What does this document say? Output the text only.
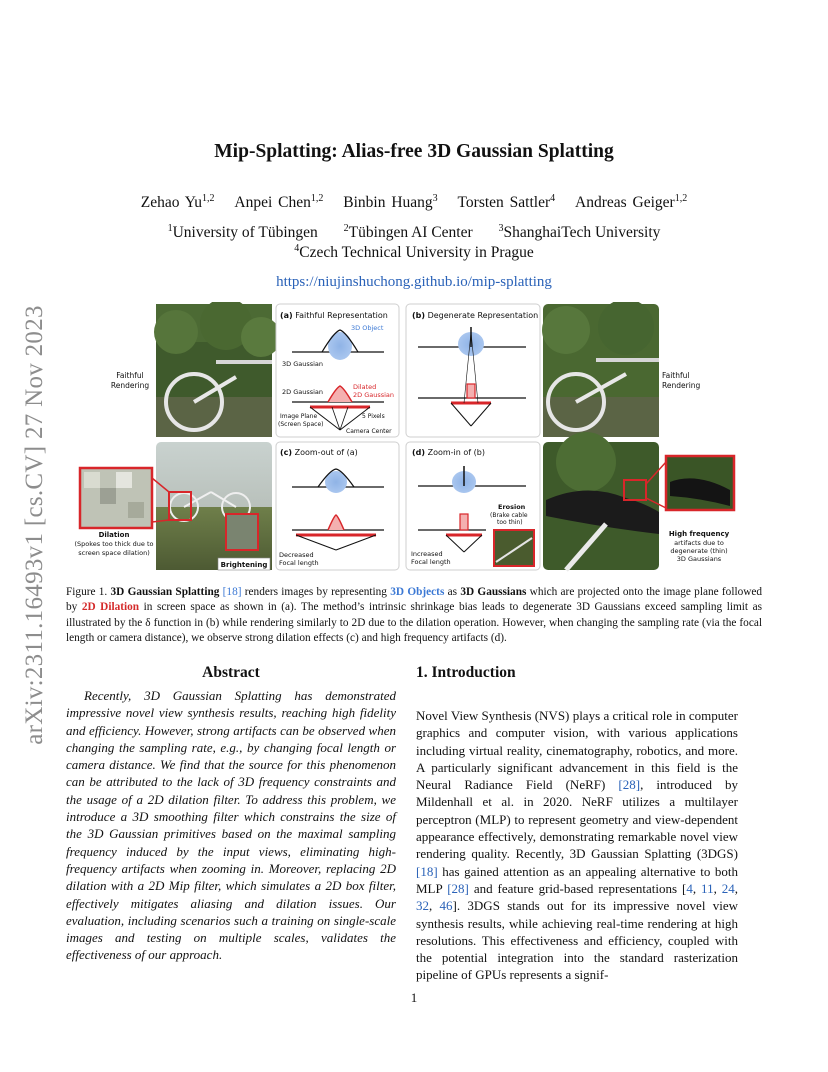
arXiv:2311.16493v1 [cs.CV] 27 Nov 2023
Mip-Splatting: Alias-free 3D Gaussian Splatting
Zehao Yu$^{1,2}$ Anpei Chen$^{1,2}$ Binbin Huang$^3$ Torsten Sattler$^4$ Andreas Geiger$^{1,2}$
$^1$University of Tübingen	$^2$Tübingen AI Center	$^3$ShanghaiTech University
$^4$Czech Technical University in Prague
https://niujinshuchong.github.io/mip-splatting
(a) Faithful Representation
3D Object
3D Gaussian
2D Gaussian
Dilated
2D Gaussian
Image Plane
(Screen Space)
5 Pixels
Camera Center
(b) Degenerate Representation
(c) Zoom-out of (a)
Decreased
Focal length
(d) Zoom-in of (b)
Increased
Focal length
Erosion
(Brake cable
too thin)
Faithful
Rendering
Faithful
Rendering
Dilation
(Spokes too thick due to
screen space dilation)
Brightening
High frequency
artifacts due to
degenerate (thin)
3D Gaussians
Figure 1. 3D Gaussian Splatting [18] renders images by representing 3D Objects as 3D Gaussians which are projected onto the image plane followed by 2D Dilation in screen space as shown in (a). The method’s intrinsic shrinkage bias leads to degenerate 3D Gaussians exceed sampling limit as illustrated by the δ function in (b) while rendering similarly to 2D due to the dilation operation. However, when changing the sampling rate (via the focal length or camera distance), we observe strong dilation effects (c) and high frequency artifacts (d).
Abstract

Recently, 3D Gaussian Splatting has demonstrated impressive novel view synthesis results, reaching high fidelity and efficiency. However, strong artifacts can be observed when changing the sampling rate, e.g., by changing focal length or camera distance. We find that the source for this phenomenon can be attributed to the lack of 3D frequency constraints and the usage of a 2D dilation filter. To address this problem, we introduce a 3D smoothing filter which constrains the size of the 3D Gaussian primitives based on the maximal sampling frequency induced by the input views, eliminating high-frequency artifacts when zooming in. Moreover, replacing 2D dilation with a 2D Mip filter, which simulates a 2D box filter, effectively mitigates aliasing and dilation issues. Our evaluation, including scenarios such a training on single-scale images and testing on multiple scales, validates the effectiveness of our approach.

1. Introduction

Novel View Synthesis (NVS) plays a critical role in computer graphics and computer vision, with various applications including virtual reality, cinematography, robotics, and more. A particularly significant advancement in this field is the Neural Radiance Field (NeRF) [28], introduced by Mildenhall et al. in 2020. NeRF utilizes a multilayer perceptron (MLP) to represent geometry and view-dependent appearance effectively, demonstrating remarkable novel view rendering quality. Recently, 3D Gaussian Splatting (3DGS) [18] has gained attention as an appealing alternative to both MLP [28] and feature grid-based representations [4, 11, 24, 32, 46]. 3DGS stands out for its impressive novel view synthesis results, while achieving real-time rendering at high resolutions. This effectiveness and efficiency, coupled with the potential integration into the standard rasterization pipeline of GPUs represents a signif-

1
